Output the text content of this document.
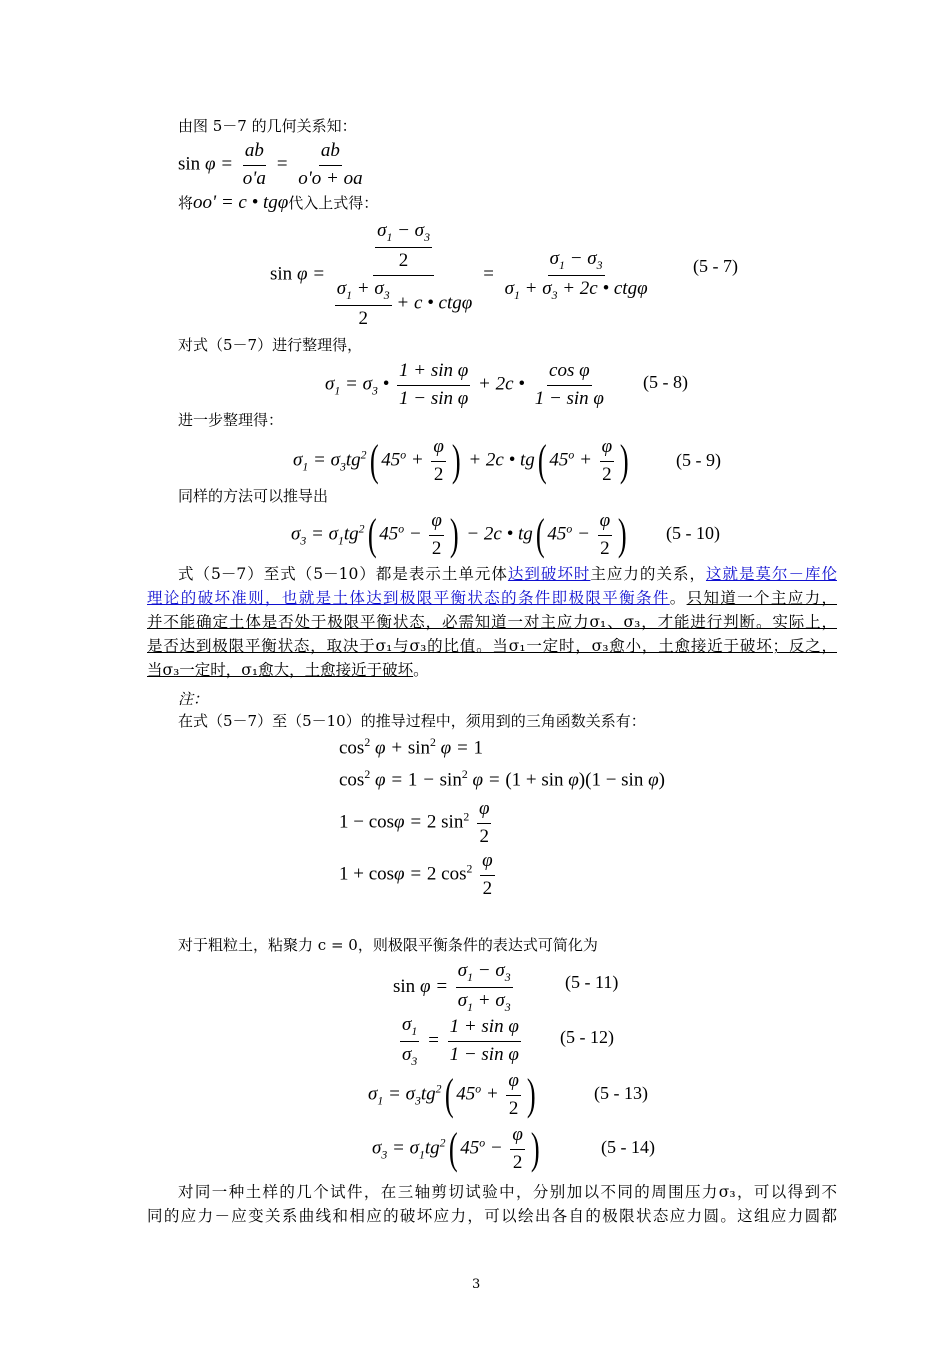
由图 5－7 的几何关系知：
$\sin \varphi = \frac{ab}{o'a} = \frac{ab}{o'o + oa}$
将oo' = c • tgφ代入上式得：
$\sin \varphi = \frac{\frac{\sigma_1 - \sigma_3}{2}}{\frac{\sigma_1 + \sigma_3}{2} + c • ctg\varphi} = \frac{\sigma_1 - \sigma_3}{\sigma_1 + \sigma_3 + 2c • ctg\varphi} (5 - 7)$
对式（5－7）进行整理得，
$\sigma_1 = \sigma_3$ • $\frac{\text{1 + sin φ}}{\text{1 − sin φ}} + 2c$ • $\frac{\text{cos φ}}{\text{1 − sin φ}} (5 - 8)$
进一步整理得：
$\sigma_1 = \sigma_3tg^2$( $45^o + \frac{\varphi}{2}$ ) + 2c • tg( $45^o + \frac{\varphi}{2}$ )	(5 - 9)
同样的方法可以推导出
$\sigma_3 = \sigma_1tg^2$( $45^o - \frac{\varphi}{2}$ ) − 2c • tg( $45^o - \frac{\varphi}{2}$ ) (5 - 10)
式（5－7）至式（5－10）都是表示土单元体达到破坏时主应力的关系，这就是莫尔－库伦
理论的破坏准则，也就是土体达到极限平衡状态的条件即极限平衡条件。只知道一个主应力，
并不能确定土体是否处于极限平衡状态，必需知道一对主应力σ₁、σ₃，才能进行判断。实际上，
是否达到极限平衡状态，取决于σ₁与σ₃的比值。当σ₁一定时，σ₃愈小，土愈接近于破坏；反之，
当σ₃一定时，σ₁愈大，土愈接近于破坏。
注：
在式（5－7）至（5－10）的推导过程中，须用到的三角函数关系有：
$\cos^2 \varphi + \sin^2 \varphi = 1$
$\cos^2 \varphi = 1 - \sin^2 \varphi = (1 + \sin \varphi)(1 - \sin \varphi)$
1 − cosφ = 2 $\sin^2 \frac{\varphi}{2}$
1 + cosφ = 2 $\cos^2 \frac{\varphi}{2}$
对于粗粒土，粘聚力 c = 0，则极限平衡条件的表达式可简化为
$\sin \varphi = \frac{\sigma_1 - \sigma_3}{\sigma_1 + \sigma_3}$	(5 - 11)
$\frac{\sigma_1}{\sigma_3} = \frac{\text{1 + sin φ}}{\text{1 − sin φ}} (5 - 12)$
$\sigma_1 = \sigma_3tg^2$( $45^o + \frac{\varphi}{2}$ )	(5 - 13)
$\sigma_3 = \sigma_1tg^2$( $45^o - \frac{\varphi}{2}$ )	(5 - 14)
对同一种土样的几个试件，在三轴剪切试验中，分别加以不同的周围压力σ₃，可以得到不
同的应力－应变关系曲线和相应的破坏应力，可以绘出各自的极限状态应力圆。这组应力圆都
3
